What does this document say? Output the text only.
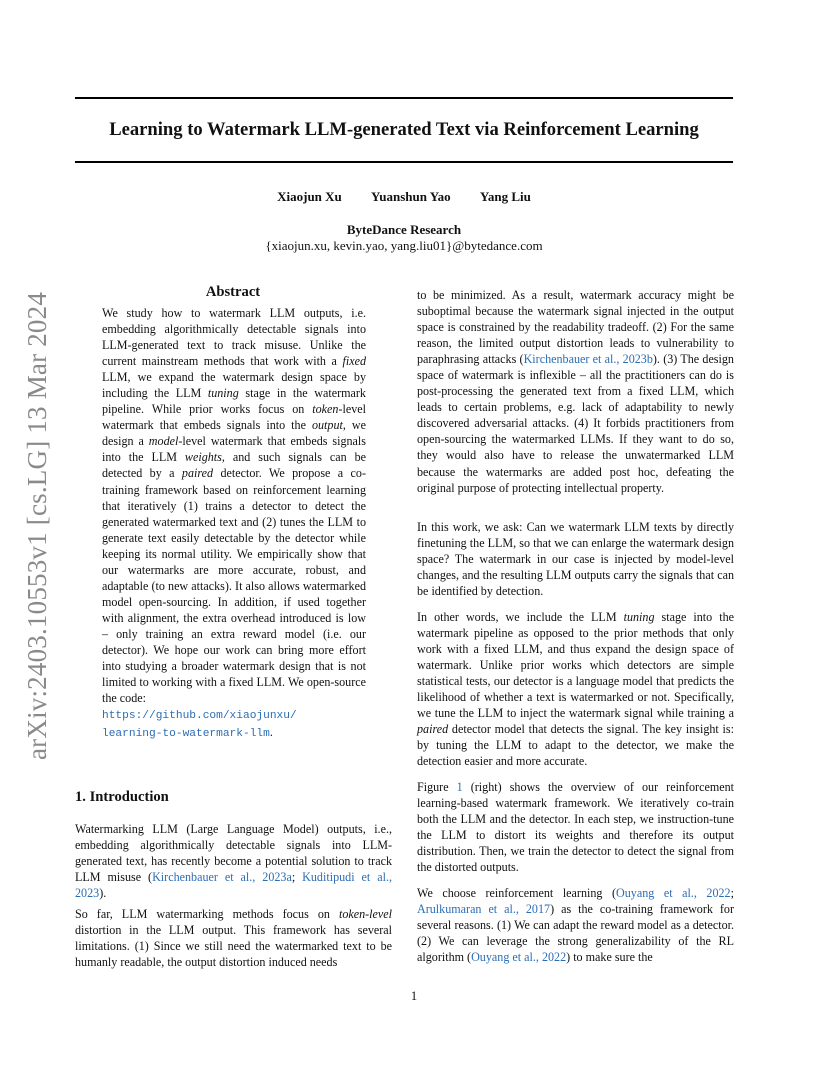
Learning to Watermark LLM-generated Text via Reinforcement Learning
Xiaojun Xu Yuanshun Yao Yang Liu
ByteDance Research
{xiaojun.xu, kevin.yao, yang.liu01}@bytedance.com
arXiv:2403.10553v1 [cs.LG] 13 Mar 2024	Abstract

We study how to watermark LLM outputs, i.e. embedding algorithmically detectable signals into LLM-generated text to track misuse. Unlike the current mainstream methods that work with a fixed LLM, we expand the watermark design space by including the LLM tuning stage in the watermark pipeline. While prior works focus on token-level watermark that embeds signals into the output, we design a model-level watermark that embeds signals into the LLM weights, and such signals can be detected by a paired detector. We propose a co-training framework based on reinforcement learning that iteratively (1) trains a detector to detect the generated watermarked text and (2) tunes the LLM to generate text easily detectable by the detector while keeping its normal utility. We empirically show that our watermarks are more accurate, robust, and adaptable (to new attacks). It also allows watermarked model open-sourcing. In addition, if used together with alignment, the extra overhead introduced is low – only training an extra reward model (i.e. our detector). We hope our work can bring more effort into studying a broader watermark design that is not limited to working with a fixed LLM. We open-source the code:
https://github.com/xiaojunxu/
learning-to-watermark-llm.

1. Introduction

Watermarking LLM (Large Language Model) outputs, i.e., embedding algorithmically detectable signals into LLM-generated text, has recently become a potential solution to track LLM misuse (Kirchenbauer et al., 2023a; Kuditipudi et al., 2023).

So far, LLM watermarking methods focus on token-level distortion in the LLM output. This framework has several limitations. (1) Since we still need the watermarked text to be humanly readable, the output distortion induced needs

to be minimized. As a result, watermark accuracy might be suboptimal because the watermark signal injected in the output space is constrained by the readability tradeoff. (2) For the same reason, the limited output distortion leads to vulnerability to paraphrasing attacks (Kirchenbauer et al., 2023b). (3) The design space of watermark is inflexible – all the practitioners can do is post-processing the generated text from a fixed LLM, which leads to certain problems, e.g. lack of adaptability to newly discovered adversarial attacks. (4) It forbids practitioners from open-sourcing the watermarked LLMs. If they want to do so, they would also have to release the unwatermarked LLM because the watermarks are added post hoc, defeating the original purpose of protecting intellectual property.

In this work, we ask: Can we watermark LLM texts by directly finetuning the LLM, so that we can enlarge the watermark design space? The watermark in our case is injected by model-level changes, and the resulting LLM outputs carry the signals that can be identified by detection.

In other words, we include the LLM tuning stage into the watermark pipeline as opposed to the prior methods that only work with a fixed LLM, and thus expand the design space of watermark. Unlike prior works which detectors are simple statistical tests, our detector is a language model that predicts the likelihood of whether a text is watermarked or not. Specifically, we tune the LLM to inject the watermark signal while training a paired detector model that detects the signal. The key insight is: by tuning the LLM to adapt to the detector, we make the detection easier and more accurate.

Figure 1 (right) shows the overview of our reinforcement learning-based watermark framework. We iteratively co-train both the LLM and the detector. In each step, we instruction-tune the LLM to distort its weights and therefore its output distribution. Then, we train the detector to detect the signal from the distorted outputs.

We choose reinforcement learning (Ouyang et al., 2022; Arulkumaran et al., 2017) as the co-training framework for several reasons. (1) We can adapt the reward model as a detector. (2) We can leverage the strong generalizability of the RL algorithm (Ouyang et al., 2022) to make sure the

1
